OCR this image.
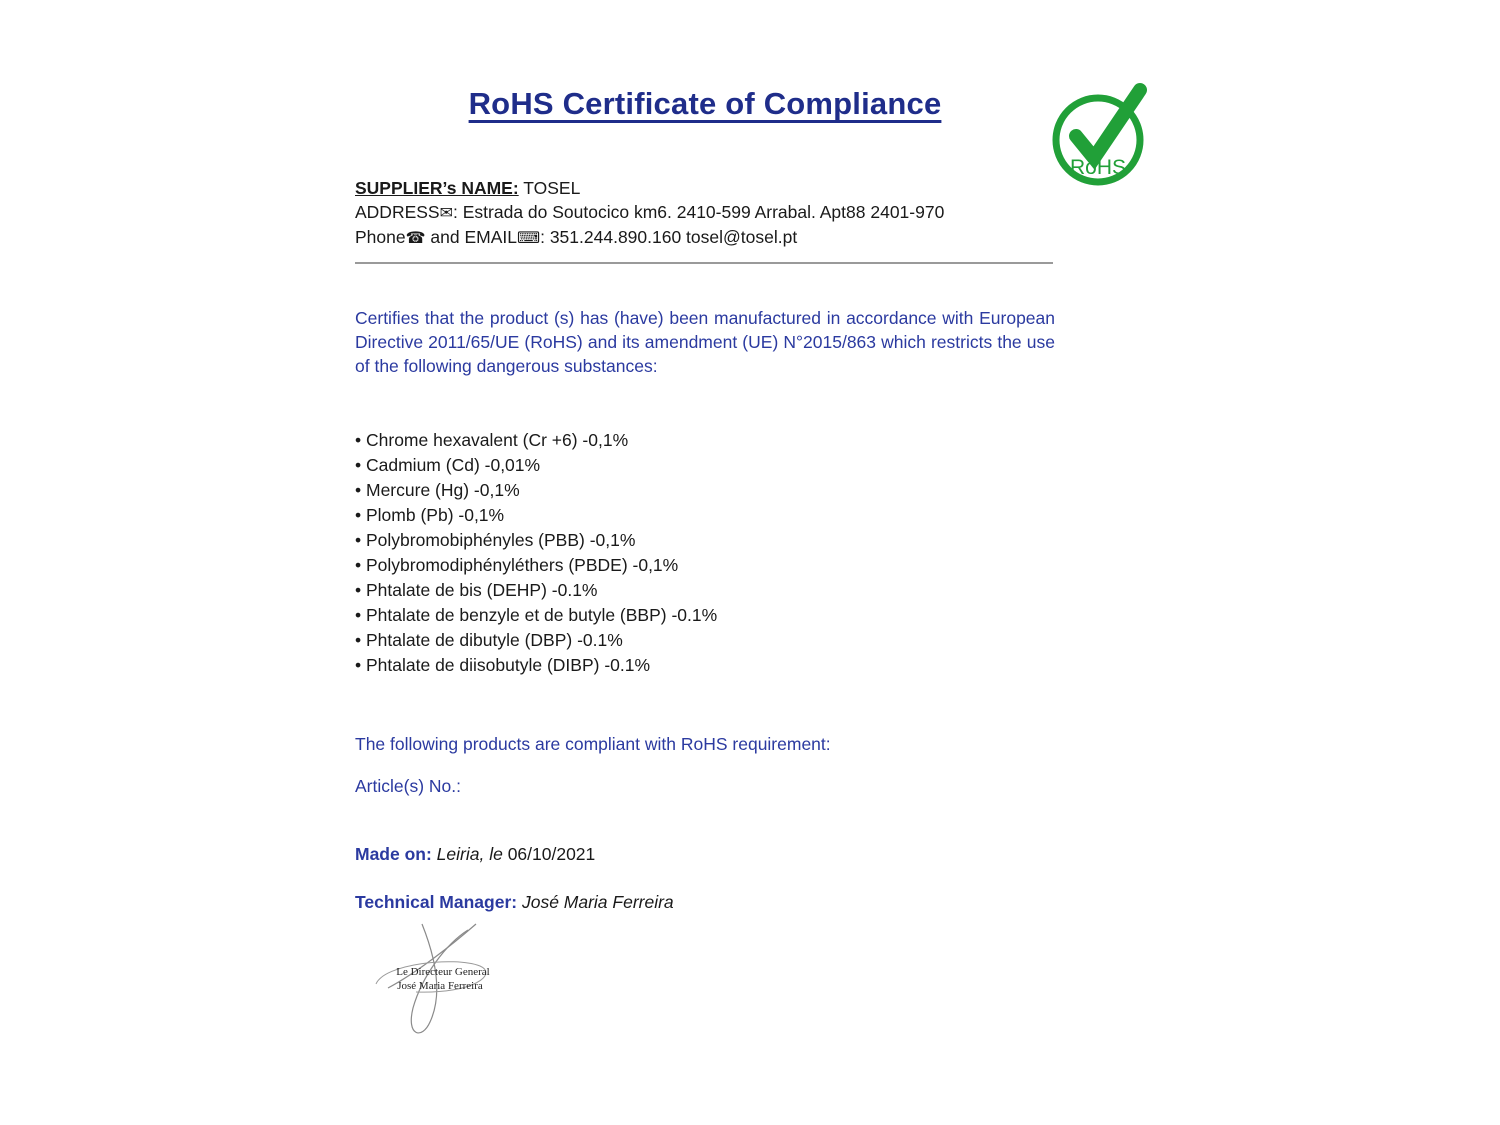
RoHS Certificate of Compliance
RoHS
SUPPLIER’s NAME: TOSEL
ADDRESS✉: Estrada do Soutocico km6. 2410-599 Arrabal. Apt88 2401-970
Phone☎ and EMAIL⌨: 351.244.890.160 tosel@tosel.pt

Certifies that the product (s) has (have) been manufactured in accordance with European Directive 2011/65/UE (RoHS) and its amendment (UE) N°2015/863 which restricts the use of the following dangerous substances:

• Chrome hexavalent (Cr +6) -0,1%
• Cadmium (Cd) -0,01%
• Mercure (Hg) -0,1%
• Plomb (Pb) -0,1%
• Polybromobiphényles (PBB) -0,1%
• Polybromodiphényléthers (PBDE) -0,1%
• Phtalate de bis (DEHP) -0.1%
• Phtalate de benzyle et de butyle (BBP) -0.1%
• Phtalate de dibutyle (DBP) -0.1%
• Phtalate de diisobutyle (DIBP) -0.1%

The following products are compliant with RoHS requirement:

Article(s) No.:

Made on: Leiria, le 06/10/2021
Technical Manager: José Maria Ferreira
Le Directeur General
José Maria Ferreira
